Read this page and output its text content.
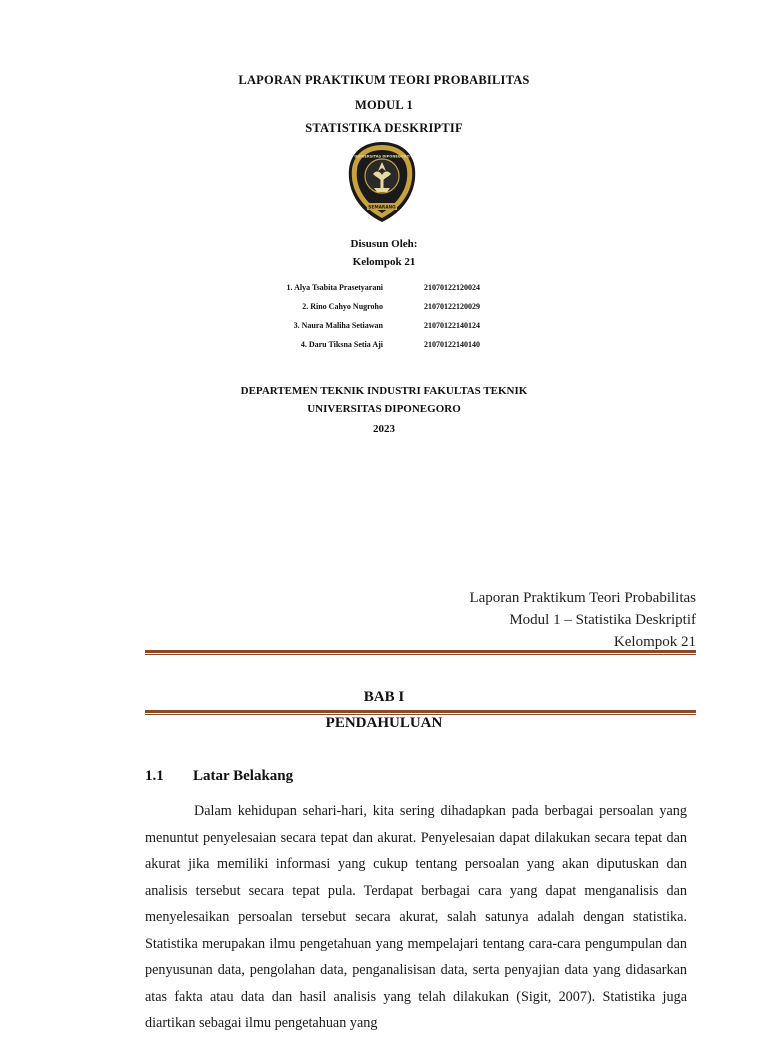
LAPORAN PRAKTIKUM TEORI PROBABILITAS
MODUL 1
STATISTIKA DESKRIPTIF
UNIVERSITAS DIPONEGORO
SEMARANG
Disusun Oleh:
Kelompok 21
1. Alya Tsabita Prasetyarani	21070122120024
2. Rino Cahyo Nugroho	21070122120029
3. Naura Maliha Setiawan	21070122140124
4. Daru Tiksna Setia Aji	21070122140140
DEPARTEMEN TEKNIK INDUSTRI FAKULTAS TEKNIK
UNIVERSITAS DIPONEGORO
2023
Laporan Praktikum Teori Probabilitas
Modul 1 – Statistika Deskriptif
Kelompok 21
BAB I
PENDAHULUAN
1.1 Latar Belakang
Dalam kehidupan sehari-hari, kita sering dihadapkan pada berbagai persoalan yang menuntut penyelesaian secara tepat dan akurat. Penyelesaian dapat dilakukan secara tepat dan akurat jika memiliki informasi yang cukup tentang persoalan yang akan diputuskan dan analisis tersebut secara tepat pula. Terdapat berbagai cara yang dapat menganalisis dan menyelesaikan persoalan tersebut secara akurat, salah satunya adalah dengan statistika. Statistika merupakan ilmu pengetahuan yang mempelajari tentang cara-cara pengumpulan dan penyusunan data, pengolahan data, penganalisisan data, serta penyajian data yang didasarkan atas fakta atau data dan hasil analisis yang telah dilakukan (Sigit, 2007). Statistika juga diartikan sebagai ilmu pengetahuan yang
